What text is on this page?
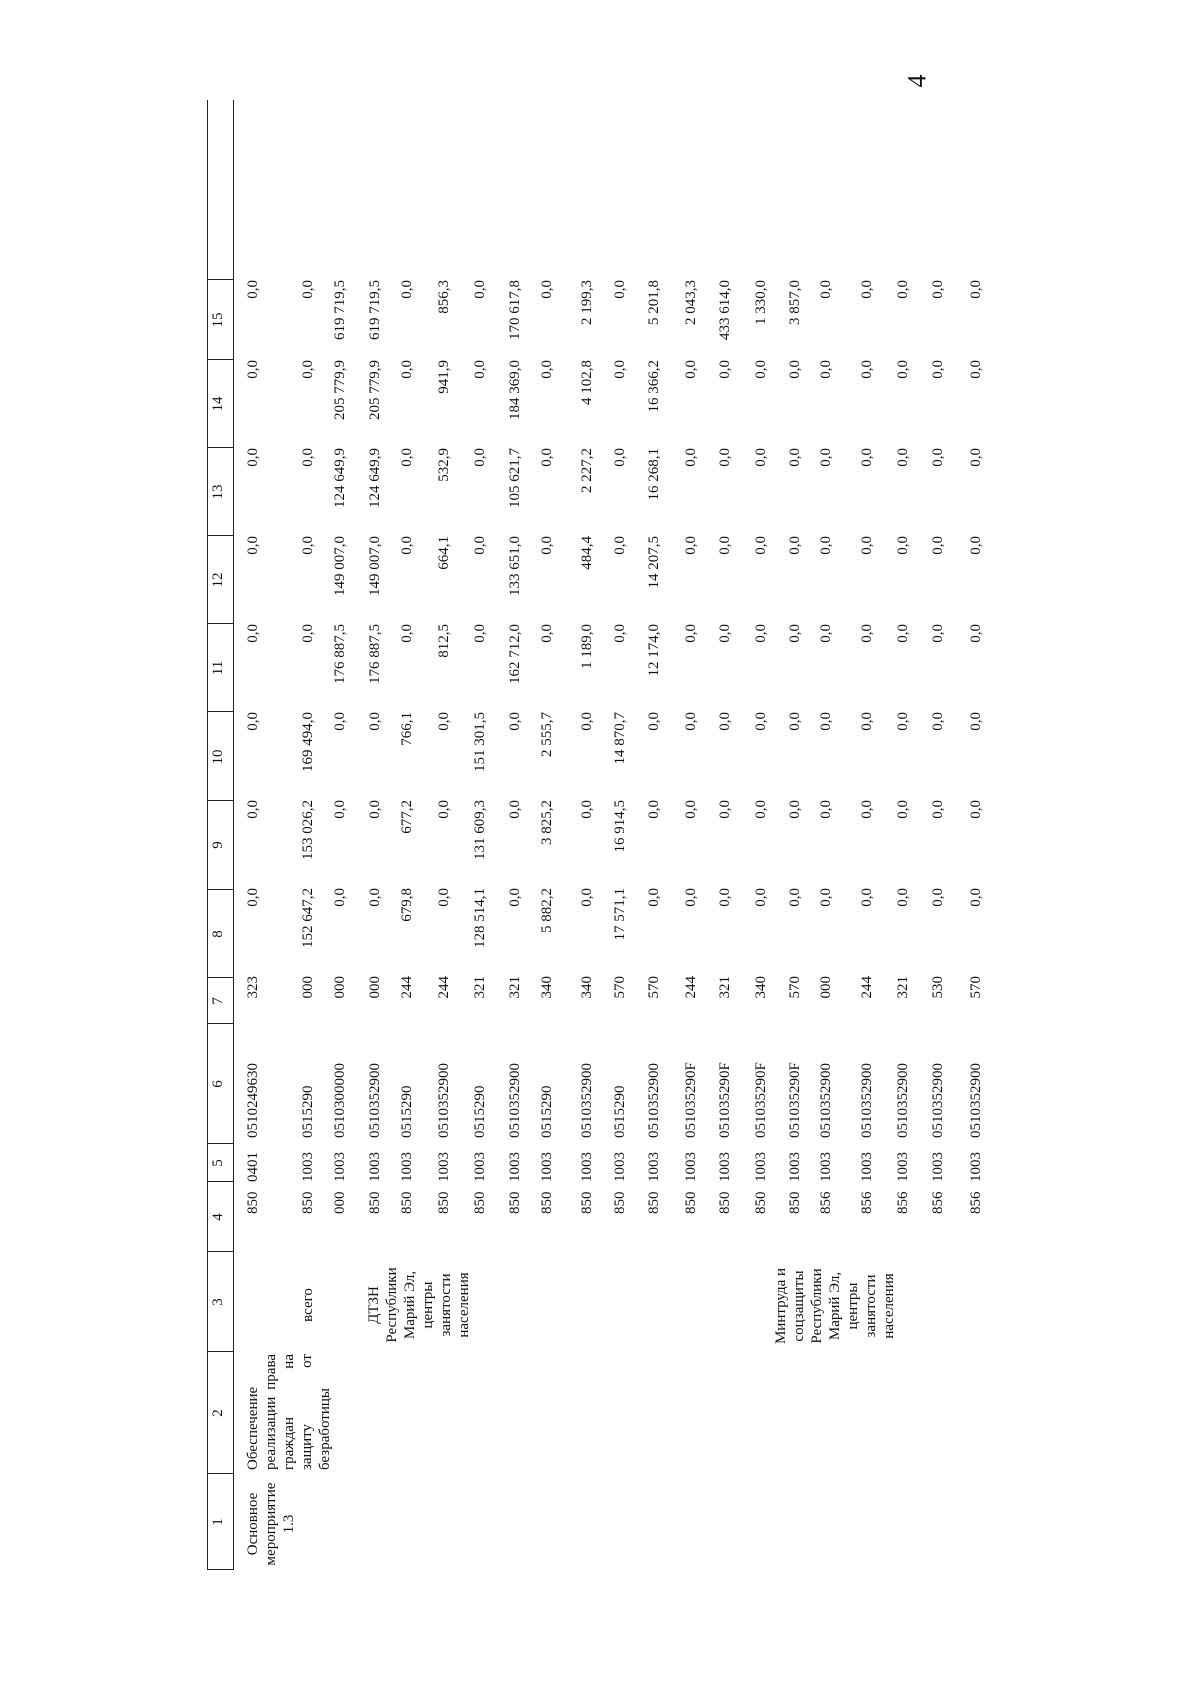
4
1
2
3
4
5
6
7
8
9
10
11
12
13
14
15
Основное мероприятие 1.3
Обеспечение реализации права граждан на защиту от безработицы
всего	ДТЗН Республики Марий Эл, центры занятости населения	Минтруда и соцзащиты Республики Марий Эл, центры занятости населения
850
0401
0510249630
323
0,0
0,0
0,0
0,0
0,0
0,0
0,0
0,0
850
1003
0515290
000
152 647,2
153 026,2
169 494,0
0,0
0,0
0,0
0,0
0,0
000
1003
0510300000
000
0,0
0,0
0,0
176 887,5
149 007,0
124 649,9
205 779,9
619 719,5
850
1003
0510352900
000
0,0
0,0
0,0
176 887,5
149 007,0
124 649,9
205 779,9
619 719,5
850
1003
0515290
244
679,8
677,2
766,1
0,0
0,0
0,0
0,0
0,0
850
1003
0510352900
244
0,0
0,0
0,0
812,5
664,1
532,9
941,9
856,3
850
1003
0515290
321
128 514,1
131 609,3
151 301,5
0,0
0,0
0,0
0,0
0,0
850
1003
0510352900
321
0,0
0,0
0,0
162 712,0
133 651,0
105 621,7
184 369,0
170 617,8
850
1003
0515290
340
5 882,2
3 825,2
2 555,7
0,0
0,0
0,0
0,0
0,0
850
1003
0510352900
340
0,0
0,0
0,0
1 189,0
484,4
2 227,2
4 102,8
2 199,3
850
1003
0515290
570
17 571,1
16 914,5
14 870,7
0,0
0,0
0,0
0,0
0,0
850
1003
0510352900
570
0,0
0,0
0,0
12 174,0
14 207,5
16 268,1
16 366,2
5 201,8
850
1003
051035290F
244
0,0
0,0
0,0
0,0
0,0
0,0
0,0
2 043,3
850
1003
051035290F
321
0,0
0,0
0,0
0,0
0,0
0,0
0,0
433 614,0
850
1003
051035290F
340
0,0
0,0
0,0
0,0
0,0
0,0
0,0
1 330,0
850
1003
051035290F
570
0,0
0,0
0,0
0,0
0,0
0,0
0,0
3 857,0
856
1003
0510352900
000
0,0
0,0
0,0
0,0
0,0
0,0
0,0
0,0
856
1003
0510352900
244
0,0
0,0
0,0
0,0
0,0
0,0
0,0
0,0
856
1003
0510352900
321
0,0
0,0
0,0
0,0
0,0
0,0
0,0
0,0
856
1003
0510352900
530
0,0
0,0
0,0
0,0
0,0
0,0
0,0
0,0
856
1003
0510352900
570
0,0
0,0
0,0
0,0
0,0
0,0
0,0
0,0
